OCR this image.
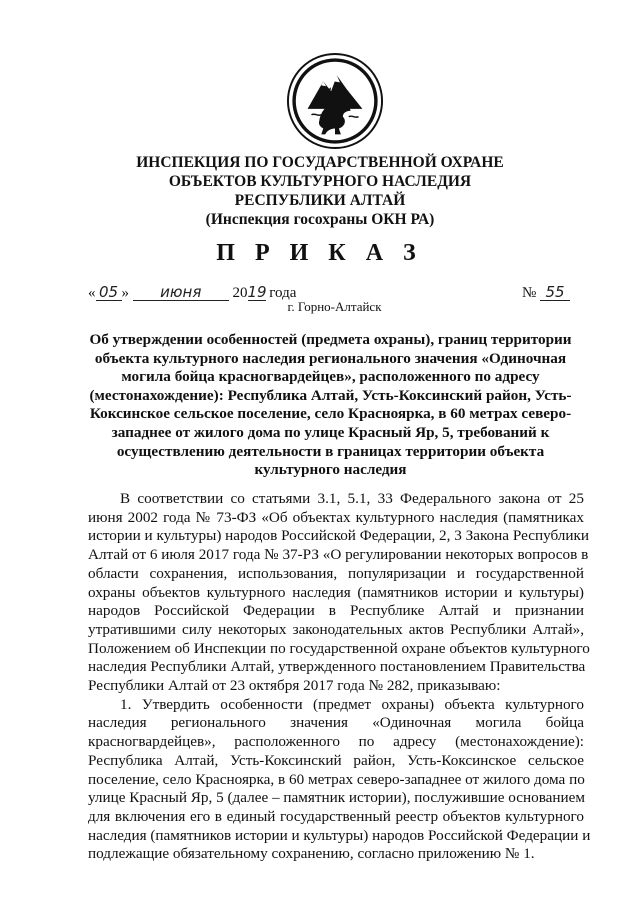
ИНСПЕКЦИЯ ПО ГОСУДАРСТВЕННОЙ ОХРАНЕ
ОБЪЕКТОВ КУЛЬТУРНОГО НАСЛЕДИЯ
РЕСПУБЛИКИ АЛТАЙ
(Инспекция госохраны ОКН РА)
П Р И К А З
« 05 » июня 2019 года	№ 55
г. Горно-Алтайск
Об утверждении особенностей (предмета охраны), границ территории
объекта культурного наследия регионального значения «Одиночная
могила бойца красногвардейцев», расположенного по адресу
(местонахождение): Республика Алтай, Усть-Коксинский район, Усть-
Коксинское сельское поселение, село Красноярка, в 60 метрах северо-
западнее от жилого дома по улице Красный Яр, 5, требований к
осуществлению деятельности в границах территории объекта
культурного наследия
В соответствии со статьями 3.1, 5.1, 33 Федерального закона от 25
июня 2002 года № 73-ФЗ «Об объектах культурного наследия (памятниках
истории и культуры) народов Российской Федерации, 2, 3 Закона Республики
Алтай от 6 июля 2017 года № 37-РЗ «О регулировании некоторых вопросов в
области сохранения, использования, популяризации и государственной
охраны объектов культурного наследия (памятников истории и культуры)
народов Российской Федерации в Республике Алтай и признании
утратившими силу некоторых законодательных актов Республики Алтай»,
Положением об Инспекции по государственной охране объектов культурного
наследия Республики Алтай, утвержденного постановлением Правительства
Республики Алтай от 23 октября 2017 года № 282, приказываю:
1. Утвердить особенности (предмет охраны) объекта культурного
наследия регионального значения «Одиночная могила бойца
красногвардейцев», расположенного по адресу (местонахождение):
Республика Алтай, Усть-Коксинский район, Усть-Коксинское сельское
поселение, село Красноярка, в 60 метрах северо-западнее от жилого дома по
улице Красный Яр, 5 (далее – памятник истории), послужившие основанием
для включения его в единый государственный реестр объектов культурного
наследия (памятников истории и культуры) народов Российской Федерации и
подлежащие обязательному сохранению, согласно приложению № 1.
